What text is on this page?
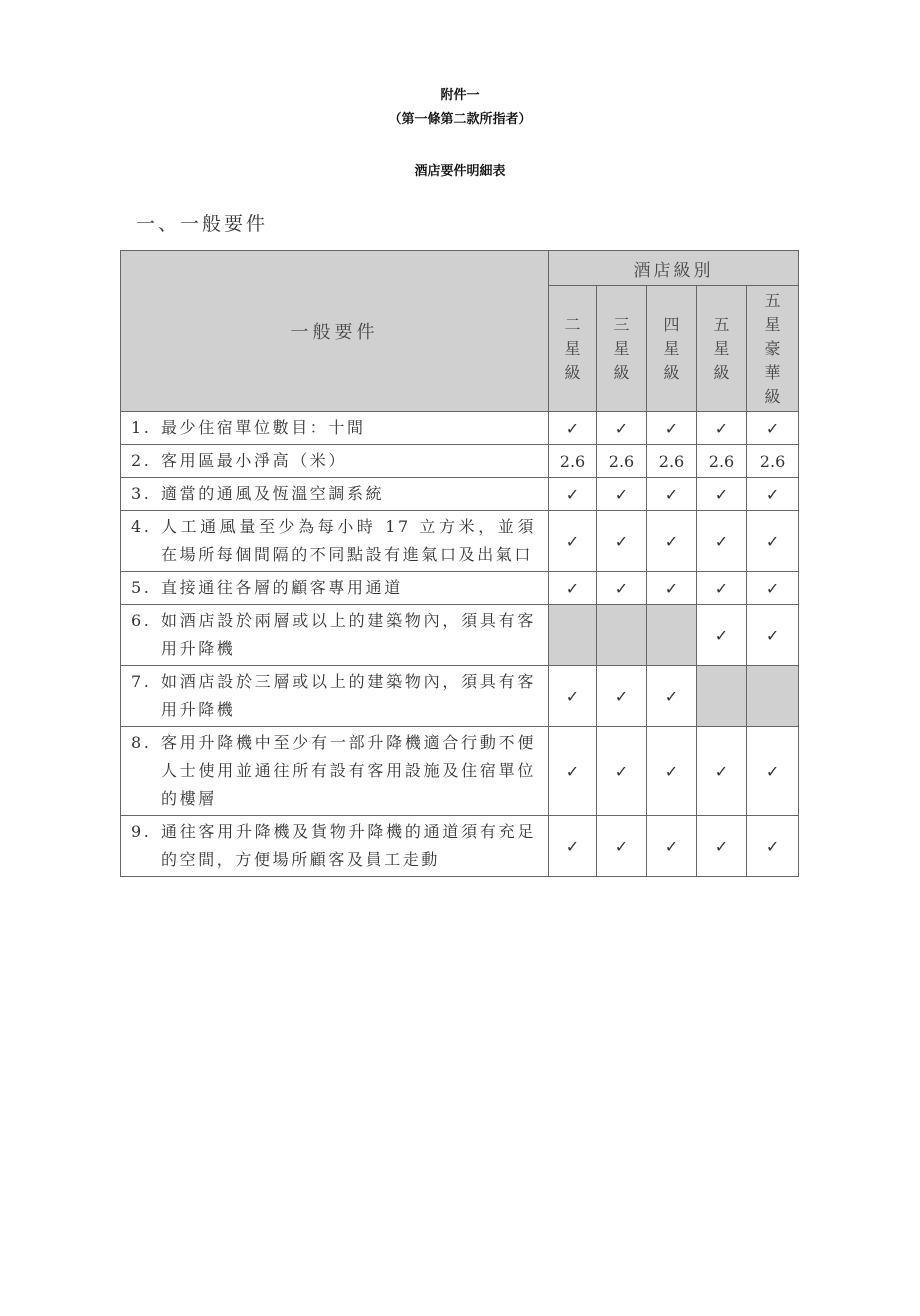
附件一
（第一條第二款所指者）
酒店要件明細表
一、一般要件
一般要件	酒店級別				

	二星級	三星級	四星級	五星級	五星豪華級

1. 最少住宿單位數目：十間	✓	✓	✓	✓	✓

2. 客用區最小淨高（米）	2.6	2.6	2.6	2.6	2.6

3. 適當的通風及恆溫空調系統	✓	✓	✓	✓	✓

4. 人工通風量至少為每小時 17 立方米，並須在場所每個間隔的不同點設有進氣口及出氣口	✓	✓	✓	✓	✓

5. 直接通往各層的顧客專用通道	✓	✓	✓	✓	✓

6. 如酒店設於兩層或以上的建築物內，須具有客用升降機				✓	✓

7. 如酒店設於三層或以上的建築物內，須具有客用升降機	✓	✓	✓		

8. 客用升降機中至少有一部升降機適合行動不便人士使用並通往所有設有客用設施及住宿單位的樓層	✓	✓	✓	✓	✓

9. 通往客用升降機及貨物升降機的通道須有充足的空間，方便場所顧客及員工走動	✓	✓	✓	✓	✓
